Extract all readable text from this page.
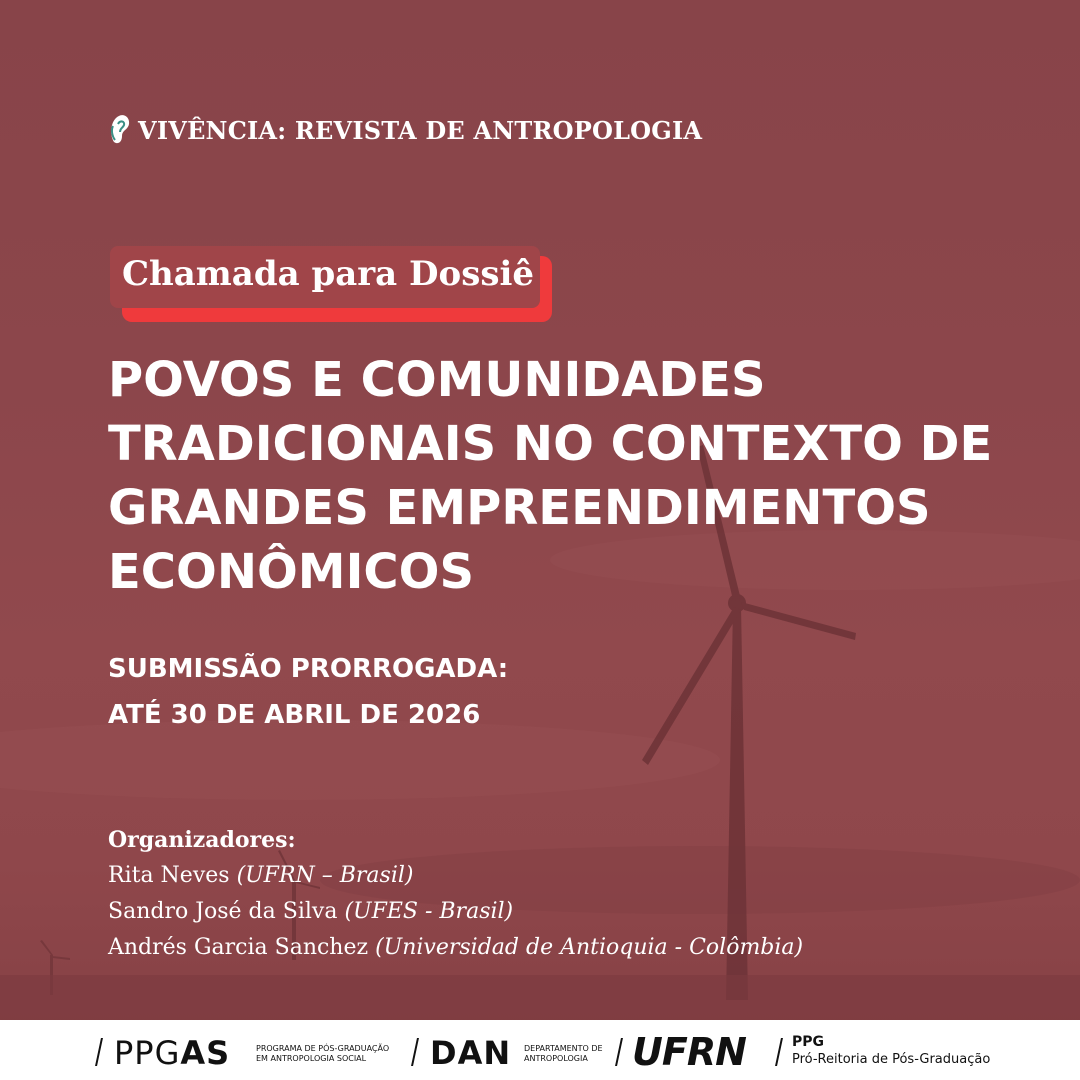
VIVÊNCIA: REVISTA DE ANTROPOLOGIA
Chamada para Dossiê
POVOS E COMUNIDADES
TRADICIONAIS NO CONTEXTO DE
GRANDES EMPREENDIMENTOS
ECONÔMICOS
SUBMISSÃO PRORROGADA:
ATÉ 30 DE ABRIL DE 2026
Organizadores:
Rita Neves (UFRN – Brasil)
Sandro José da Silva (UFES - Brasil)
Andrés Garcia Sanchez (Universidad de Antioquia - Colômbia)
PPGAS	PROGRAMA DE PÓS-GRADUAÇÃO
EM ANTROPOLOGIA SOCIAL DAN DEPARTAMENTO DE
ANTROPOLOGIA UFRN	PPG
Pró-Reitoria de Pós-Graduação
